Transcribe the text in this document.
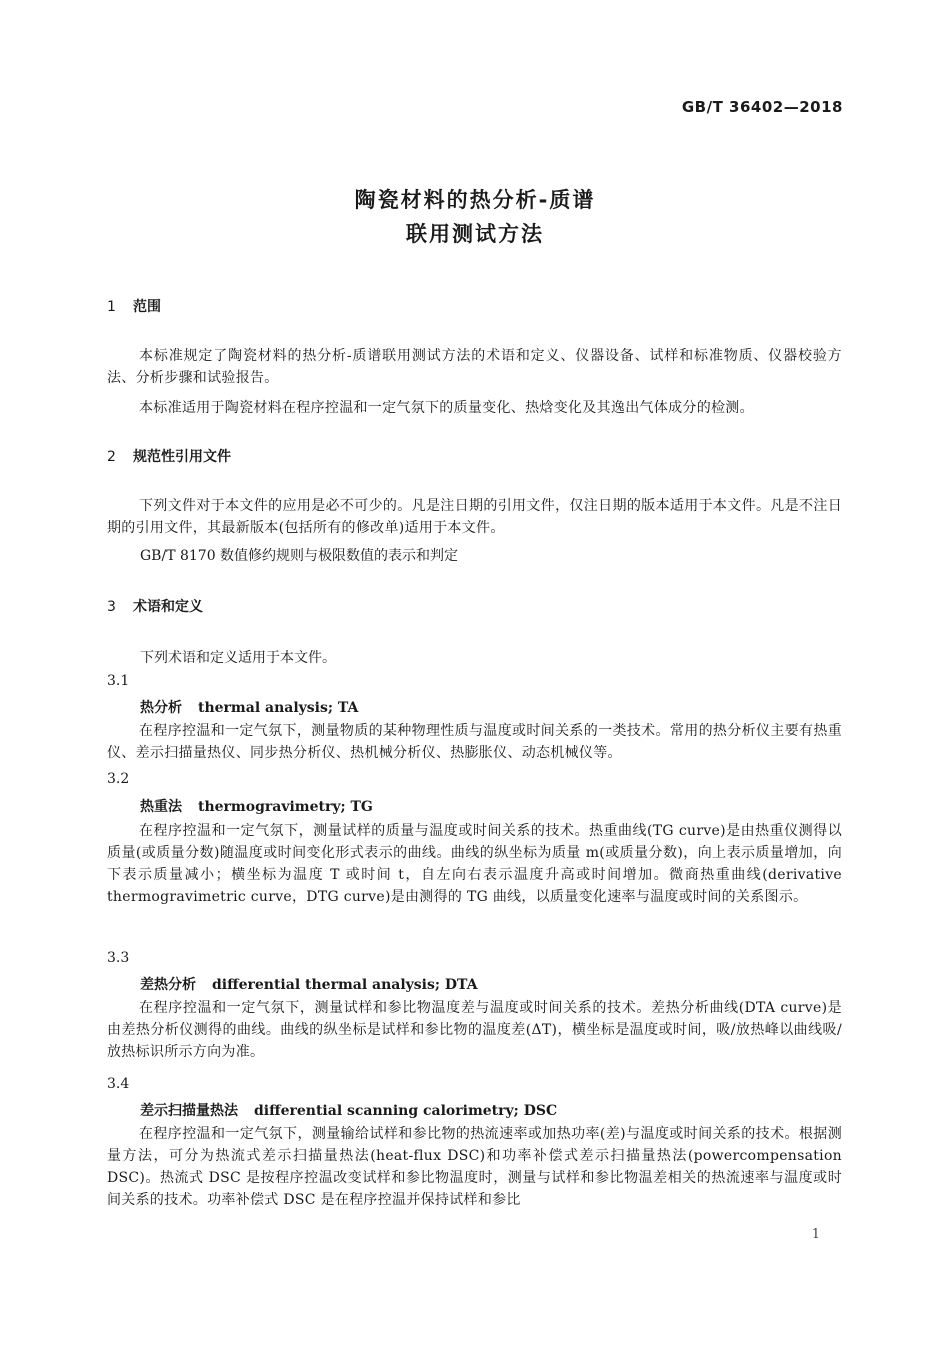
GB/T 36402—2018
陶瓷材料的热分析-质谱
联用测试方法
1 范围
本标准规定了陶瓷材料的热分析-质谱联用测试方法的术语和定义、仪器设备、试样和标准物质、仪器校验方法、分析步骤和试验报告。
本标准适用于陶瓷材料在程序控温和一定气氛下的质量变化、热焓变化及其逸出气体成分的检测。
2 规范性引用文件
下列文件对于本文件的应用是必不可少的。凡是注日期的引用文件，仅注日期的版本适用于本文件。凡是不注日期的引用文件，其最新版本(包括所有的修改单)适用于本文件。
GB/T 8170 数值修约规则与极限数值的表示和判定
3 术语和定义
下列术语和定义适用于本文件。
3.1
热分析 thermal analysis; TA
在程序控温和一定气氛下，测量物质的某种物理性质与温度或时间关系的一类技术。常用的热分析仪主要有热重仪、差示扫描量热仪、同步热分析仪、热机械分析仪、热膨胀仪、动态机械仪等。
3.2
热重法 thermogravimetry; TG
在程序控温和一定气氛下，测量试样的质量与温度或时间关系的技术。热重曲线(TG curve)是由热重仪测得以质量(或质量分数)随温度或时间变化形式表示的曲线。曲线的纵坐标为质量 m(或质量分数)，向上表示质量增加，向下表示质量减小；横坐标为温度 T 或时间 t，自左向右表示温度升高或时间增加。微商热重曲线(derivative thermogravimetric curve，DTG curve)是由测得的 TG 曲线，以质量变化速率与温度或时间的关系图示。
3.3
差热分析 differential thermal analysis; DTA
在程序控温和一定气氛下，测量试样和参比物温度差与温度或时间关系的技术。差热分析曲线(DTA curve)是由差热分析仪测得的曲线。曲线的纵坐标是试样和参比物的温度差(ΔT)，横坐标是温度或时间，吸/放热峰以曲线吸/放热标识所示方向为准。
3.4
差示扫描量热法 differential scanning calorimetry; DSC
在程序控温和一定气氛下，测量输给试样和参比物的热流速率或加热功率(差)与温度或时间关系的技术。根据测量方法，可分为热流式差示扫描量热法(heat-flux DSC)和功率补偿式差示扫描量热法(powercompensation DSC)。热流式 DSC 是按程序控温改变试样和参比物温度时，测量与试样和参比物温差相关的热流速率与温度或时间关系的技术。功率补偿式 DSC 是在程序控温并保持试样和参比
1
